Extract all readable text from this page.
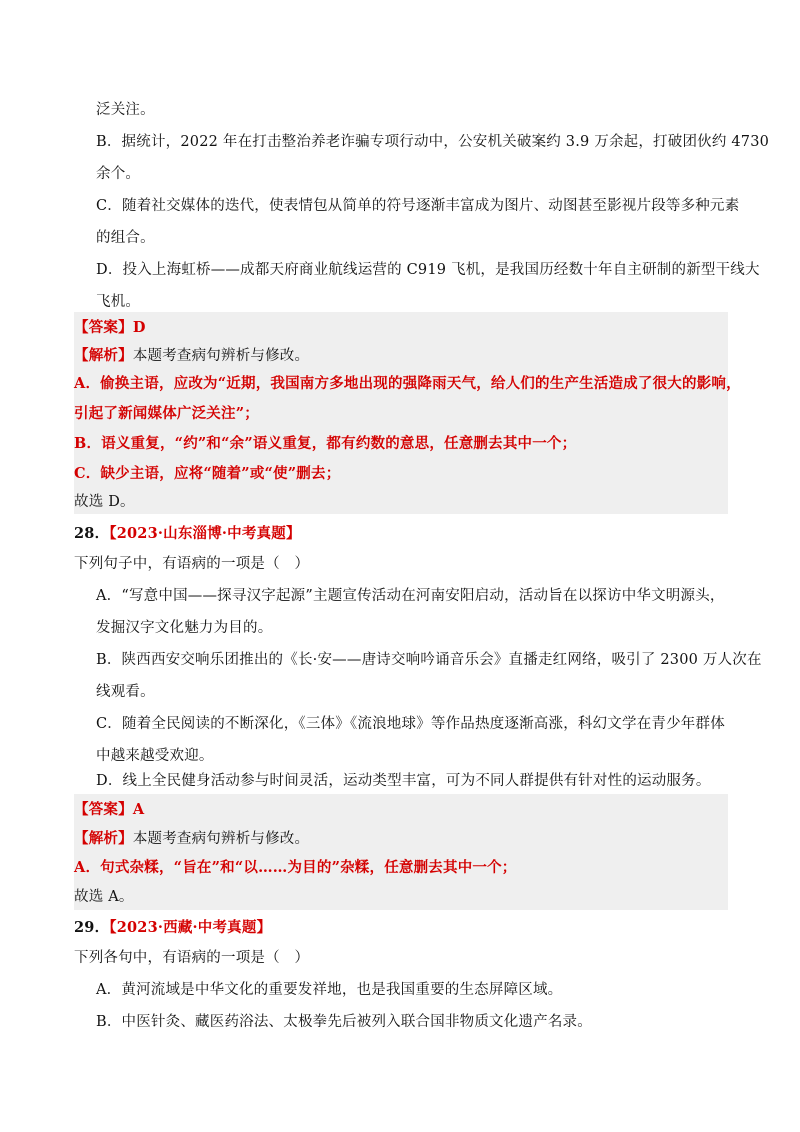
泛关注。
B．据统计，2022 年在打击整治养老诈骗专项行动中，公安机关破案约 3.9 万余起，打破团伙约 4730
余个。
C．随着社交媒体的迭代，使表情包从简单的符号逐渐丰富成为图片、动图甚至影视片段等多种元素
的组合。
D．投入上海虹桥——成都天府商业航线运营的 C919 飞机，是我国历经数十年自主研制的新型干线大
飞机。
【答案】D
【解析】本题考查病句辨析与修改。
A．偷换主语，应改为“近期，我国南方多地出现的强降雨天气，给人们的生产生活造成了很大的影响，
引起了新闻媒体广泛关注”；
B．语义重复，“约”和“余”语义重复，都有约数的意思，任意删去其中一个；
C．缺少主语，应将“随着”或“使”删去；
故选 D。
28．【2023·山东淄博·中考真题】
下列句子中，有语病的一项是（　）
A．“写意中国——探寻汉字起源”主题宣传活动在河南安阳启动，活动旨在以探访中华文明源头，
发掘汉字文化魅力为目的。
B．陕西西安交响乐团推出的《长·安——唐诗交响吟诵音乐会》直播走红网络，吸引了 2300 万人次在
线观看。
C．随着全民阅读的不断深化，《三体》《流浪地球》等作品热度逐渐高涨，科幻文学在青少年群体
中越来越受欢迎。
D．线上全民健身活动参与时间灵活，运动类型丰富，可为不同人群提供有针对性的运动服务。
【答案】A
【解析】本题考查病句辨析与修改。
A．句式杂糅，“旨在”和“以……为目的”杂糅，任意删去其中一个；
故选 A。
29．【2023·西藏·中考真题】
下列各句中，有语病的一项是（　）
A．黄河流域是中华文化的重要发祥地，也是我国重要的生态屏障区域。
B．中医针灸、藏医药浴法、太极拳先后被列入联合国非物质文化遗产名录。
